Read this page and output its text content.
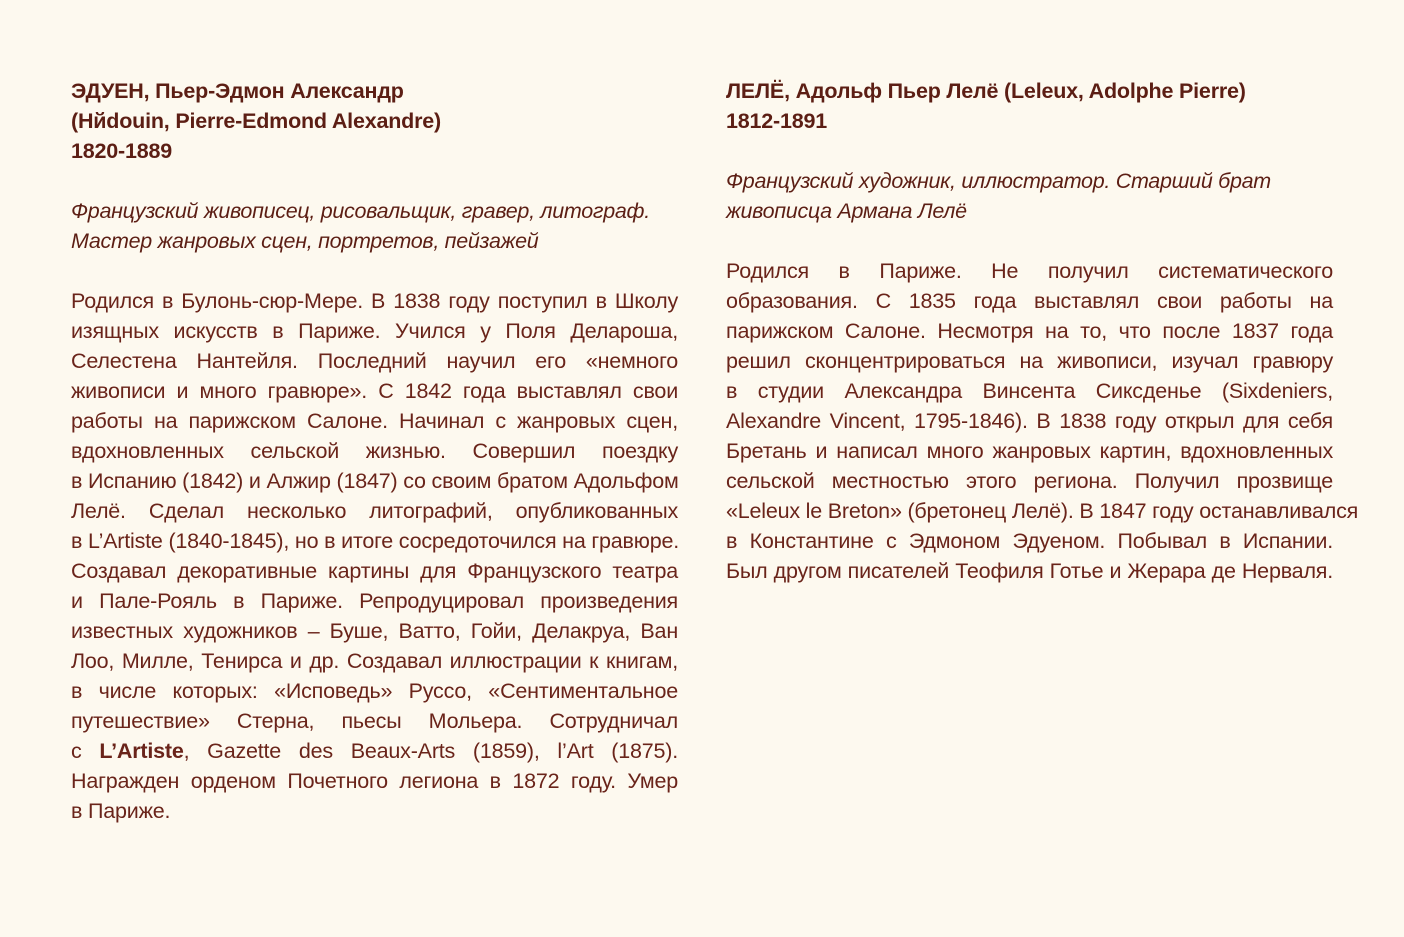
ЭДУЕН, Пьер-Эдмон Александр
(Нйdouin, Pierre-Edmond Alexandre)
1820-1889
Французский живописец, рисовальщик, гравер, литограф.
Мастер жанровых сцен, портретов, пейзажей
Родился в Булонь-сюр-Мере. В 1838 году поступил в Школу
изящных искусств в Париже. Учился у Поля Делароша,
Селестена Нантейля. Последний научил его «немного
живописи и много гравюре». С 1842 года выставлял свои
работы на парижском Салоне. Начинал с жанровых сцен,
вдохновленных сельской жизнью. Совершил поездку
в Испанию (1842) и Алжир (1847) со своим братом Адольфом
Лелё. Сделал несколько литографий, опубликованных
в L’Artiste (1840-1845), но в итоге сосредоточился на гравюре.
Создавал декоративные картины для Французского театра
и Пале-Рояль в Париже. Репродуцировал произведения
известных художников – Буше, Ватто, Гойи, Делакруа, Ван
Лоо, Милле, Тенирса и др. Создавал иллюстрации к книгам,
в числе которых: «Исповедь» Руссо, «Сентиментальное
путешествие» Стерна, пьесы Мольера. Сотрудничал
с L’Artiste, Gazette des Beaux-Arts (1859), l’Art (1875).
Награжден орденом Почетного легиона в 1872 году. Умер
в Париже.
ЛЕЛЁ, Адольф Пьер Лелё (Leleux, Adolphe Pierre)
1812-1891
Французский художник, иллюстратор. Старший брат
живописца Армана Лелё
Родился в Париже. Не получил систематического
образования. С 1835 года выставлял свои работы на
парижском Салоне. Несмотря на то, что после 1837 года
решил сконцентрироваться на живописи, изучал гравюру
в студии Александра Винсента Сиксденье (Sixdeniers,
Alexandre Vincent, 1795-1846). В 1838 году открыл для себя
Бретань и написал много жанровых картин, вдохновленных
сельской местностью этого региона. Получил прозвище
«Leleux le Breton» (бретонец Лелё). В 1847 году останавливался
в Константине с Эдмоном Эдуеном. Побывал в Испании.
Был другом писателей Теофиля Готье и Жерара де Нерваля.
